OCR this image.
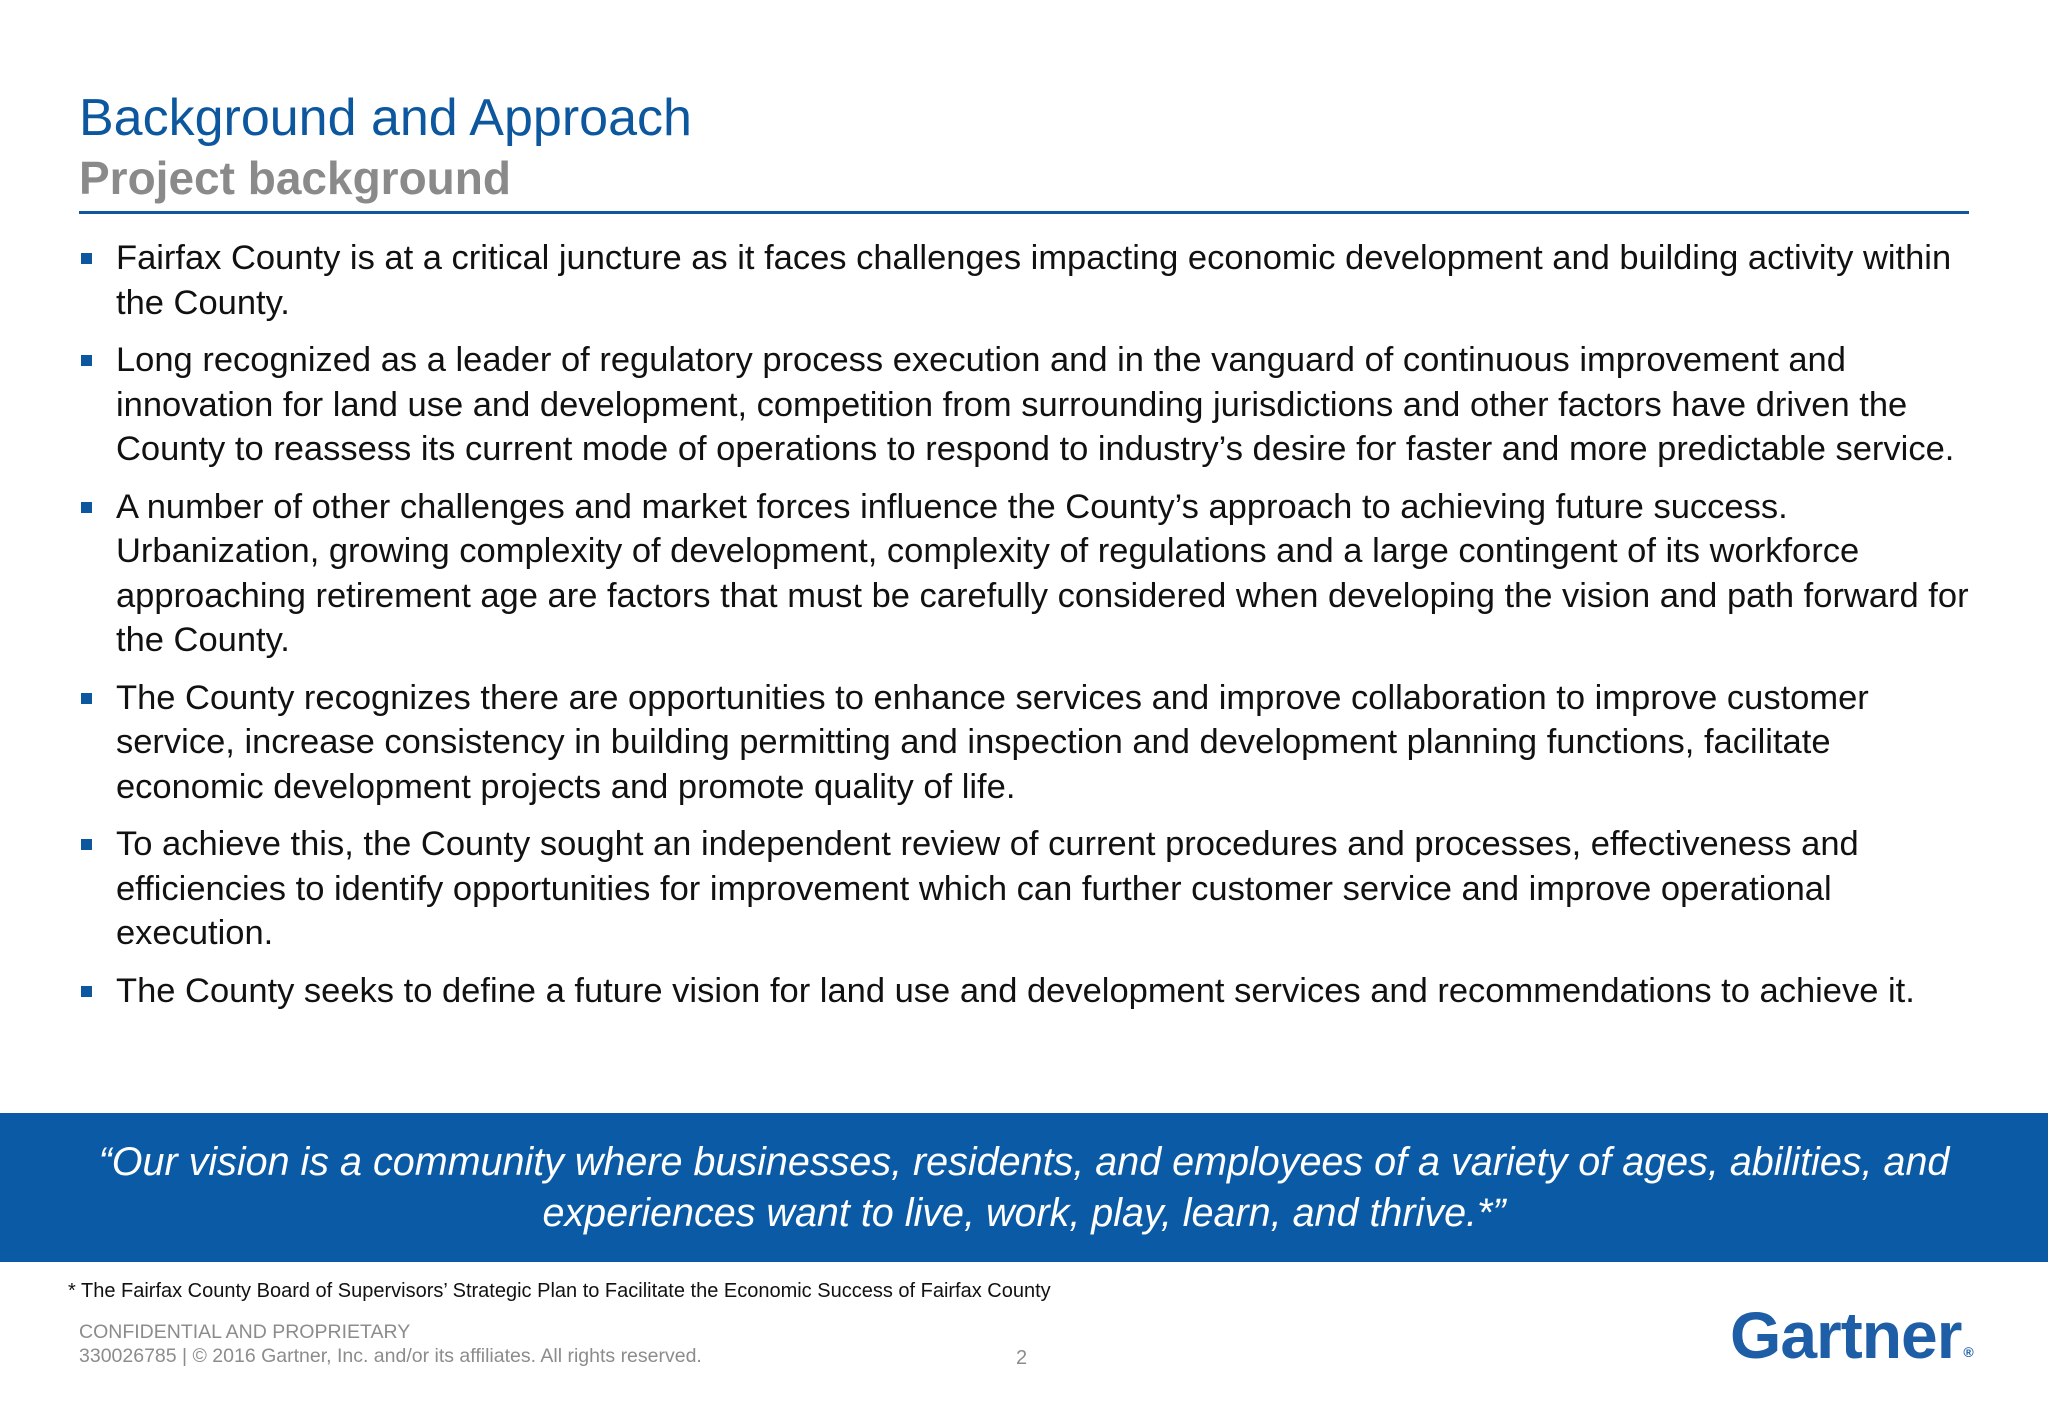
Background and Approach
Project background
Fairfax County is at a critical juncture as it faces challenges impacting economic development and building activity within the County.
Long recognized as a leader of regulatory process execution and in the vanguard of continuous improvement and innovation for land use and development, competition from surrounding jurisdictions and other factors have driven the County to reassess its current mode of operations to respond to industry’s desire for faster and more predictable service.
A number of other challenges and market forces influence the County’s approach to achieving future success. Urbanization, growing complexity of development, complexity of regulations and a large contingent of its workforce approaching retirement age are factors that must be carefully considered when developing the vision and path forward for the County.
The County recognizes there are opportunities to enhance services and improve collaboration to improve customer service, increase consistency in building permitting and inspection and development planning functions, facilitate economic development projects and promote quality of life.
To achieve this, the County sought an independent review of current procedures and processes, effectiveness and efficiencies to identify opportunities for improvement which can further customer service and improve operational execution.
The County seeks to define a future vision for land use and development services and recommendations to achieve it.

“Our vision is a community where businesses, residents, and employees of a variety of ages, abilities, and experiences want to live, work, play, learn, and thrive.*”

* The Fairfax County Board of Supervisors’ Strategic Plan to Facilitate the Economic Success of Fairfax County

CONFIDENTIAL AND PROPRIETARY

330026785 | © 2016 Gartner, Inc. and/or its affiliates. All rights reserved.	2	Gartner ®
